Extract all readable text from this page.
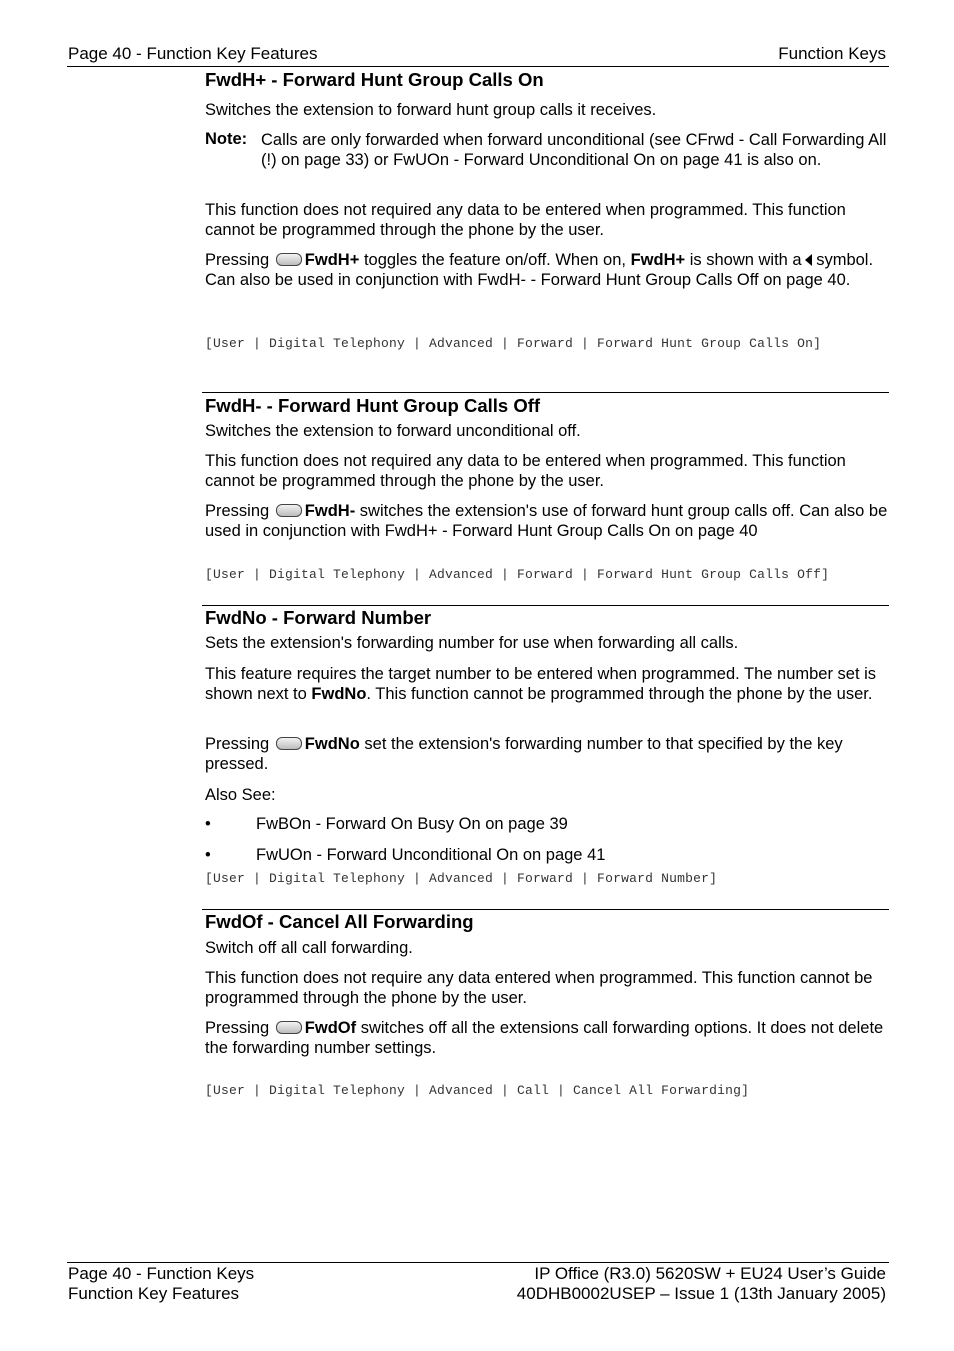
Page 40 - Function Key Features	Function Keys
FwdH+ - Forward Hunt Group Calls On

Switches the extension to forward hunt group calls it receives.

Note: Calls are only forwarded when forward unconditional (see CFrwd - Call Forwarding All (!) on page 33) or FwUOn - Forward Unconditional On on page 41 is also on.

This function does not required any data to be entered when programmed. This function cannot be programmed through the phone by the user.

Pressing FwdH+ toggles the feature on/off. When on, FwdH+ is shown with a symbol. Can also be used in conjunction with FwdH- - Forward Hunt Group Calls Off on page 40.

[User | Digital Telephony | Advanced | Forward | Forward Hunt Group Calls On]
FwdH- - Forward Hunt Group Calls Off

Switches the extension to forward unconditional off.

This function does not required any data to be entered when programmed. This function cannot be programmed through the phone by the user.

Pressing FwdH- switches the extension's use of forward hunt group calls off. Can also be used in conjunction with FwdH+ - Forward Hunt Group Calls On on page 40

[User | Digital Telephony | Advanced | Forward | Forward Hunt Group Calls Off]
FwdNo - Forward Number

Sets the extension's forwarding number for use when forwarding all calls.

This feature requires the target number to be entered when programmed. The number set is shown next to FwdNo. This function cannot be programmed through the phone by the user.

Pressing FwdNo set the extension's forwarding number to that specified by the key pressed.

Also See:

•	FwBOn - Forward On Busy On on page 39
•	FwUOn - Forward Unconditional On on page 41
[User | Digital Telephony | Advanced | Forward | Forward Number]
FwdOf - Cancel All Forwarding

Switch off all call forwarding.

This function does not require any data entered when programmed. This function cannot be programmed through the phone by the user.

Pressing FwdOf switches off all the extensions call forwarding options. It does not delete the forwarding number settings.

[User | Digital Telephony | Advanced | Call | Cancel All Forwarding]
Page 40 - Function Keys
Function Key Features
IP Office (R3.0) 5620SW + EU24 User’s Guide
40DHB0002USEP – Issue 1 (13th January 2005)
